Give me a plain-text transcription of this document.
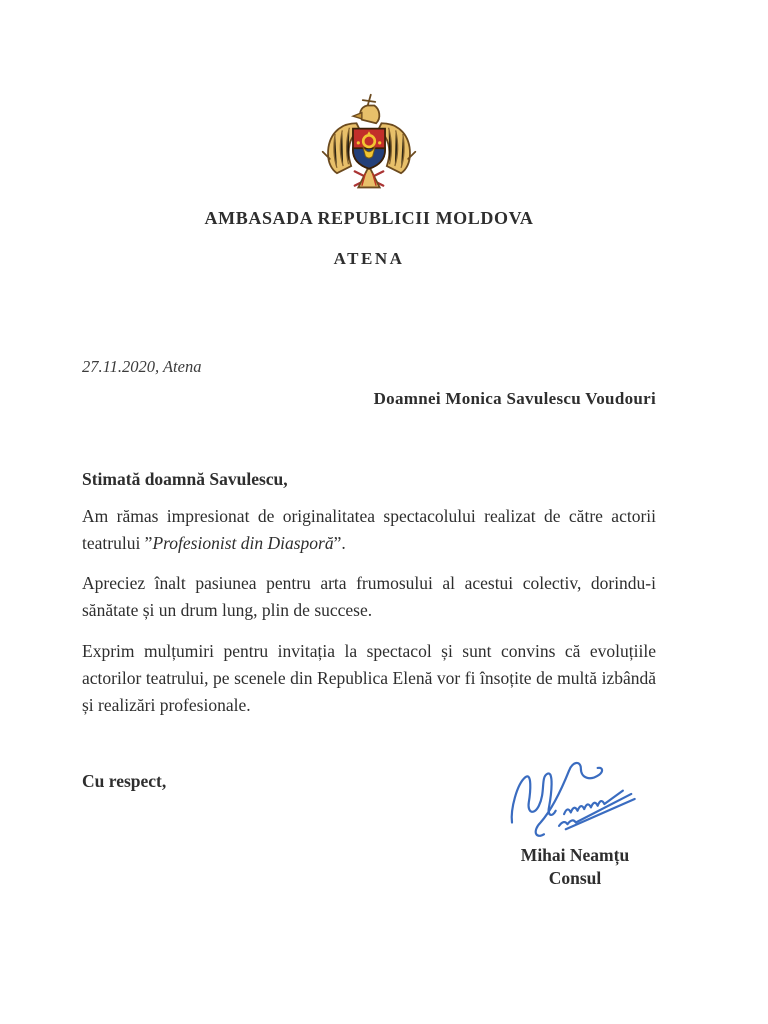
AMBASADA REPUBLICII MOLDOVA
ATENA
27.11.2020, Atena
Doamnei Monica Savulescu Voudouri
Stimată doamnă Savulescu,

Am rămas impresionat de originalitatea spectacolului realizat de către actorii teatrului ”Profesionist din Diasporă”.

Apreciez înalt pasiunea pentru arta frumosului al acestui colectiv, dorindu-i sănătate și un drum lung, plin de succese.

Exprim mulțumiri pentru invitația la spectacol și sunt convins că evoluțiile actorilor teatrului, pe scenele din Republica Elenă vor fi însoțite de multă izbândă și realizări profesionale.

Cu respect,
Mihai Neamțu
Consul
